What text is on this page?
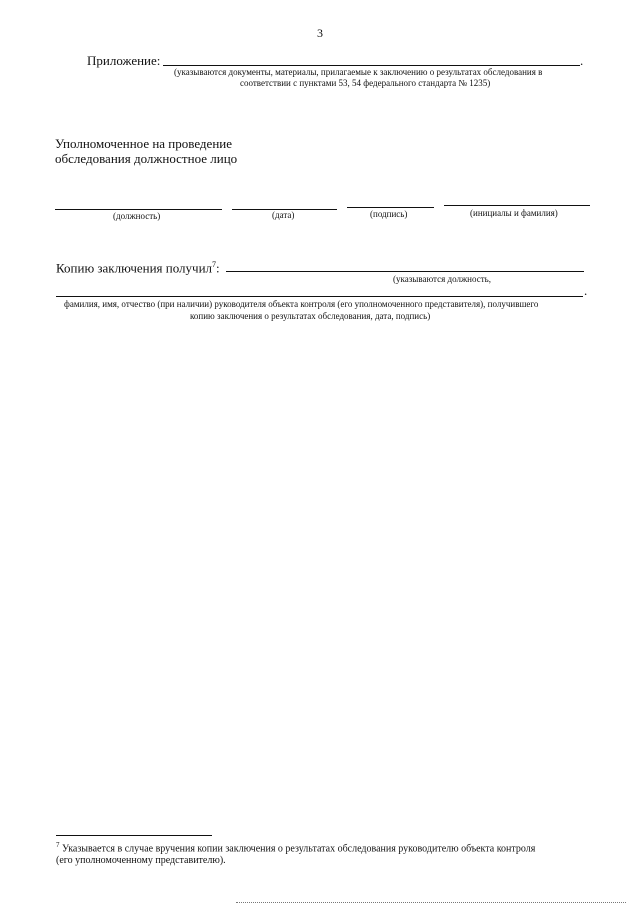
3
Приложение:	.
(указываются документы, материалы, прилагаемые к заключению о результатах обследования в
соответствии с пунктами 53, 54 федерального стандарта № 1235)
Уполномоченное на проведение
обследования должностное лицо
(должность)	(дата)	(подпись)	(инициалы и фамилия)
Копию заключения получил$^7$:
(указываются должность,
.
фамилия, имя, отчество (при наличии) руководителя объекта контроля (его уполномоченного представителя), получившего
копию заключения о результатах обследования, дата, подпись)
$^7$ Указывается в случае вручения копии заключения о результатах обследования руководителю объекта контроля
(его уполномоченному представителю).
